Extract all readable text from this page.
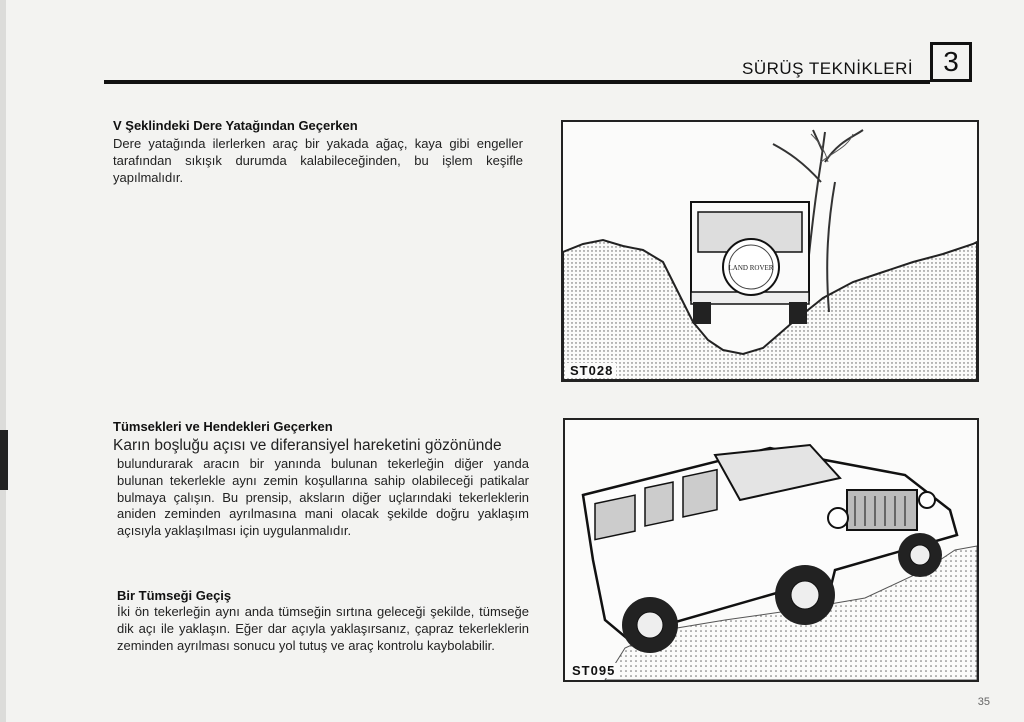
SÜRÜŞ TEKNİKLERİ	3
V Şeklindeki Dere Yatağından Geçerken
Dere yatağında ilerlerken araç bir yakada ağaç, kaya gibi engeller tarafından sıkışık durumda kalabileceğinden, bu işlem keşifle yapılmalıdır.
LAND ROVER
ST028
Tümsekleri ve Hendekleri Geçerken
Karın boşluğu açısı ve diferansiyel hareketini gözönünde
bulundurarak aracın bir yanında bulunan tekerleğin diğer yanda bulunan tekerlekle aynı zemin koşullarına sahip olabileceği patikalar bulmaya çalışın. Bu prensip, aksların diğer uçlarındaki tekerleklerin aniden zeminden ayrılmasına mani olacak şekilde doğru yaklaşım açısıyla yaklaşılması için uygulanmalıdır.
ST095
Bir Tümseği Geçiş
İki ön tekerleğin aynı anda tümseğin sırtına geleceği şekilde, tümseğe dik açı ile yaklaşın. Eğer dar açıyla yaklaşırsanız, çapraz tekerleklerin zeminden ayrılması sonucu yol tutuş ve araç kontrolu kaybolabilir.
35
